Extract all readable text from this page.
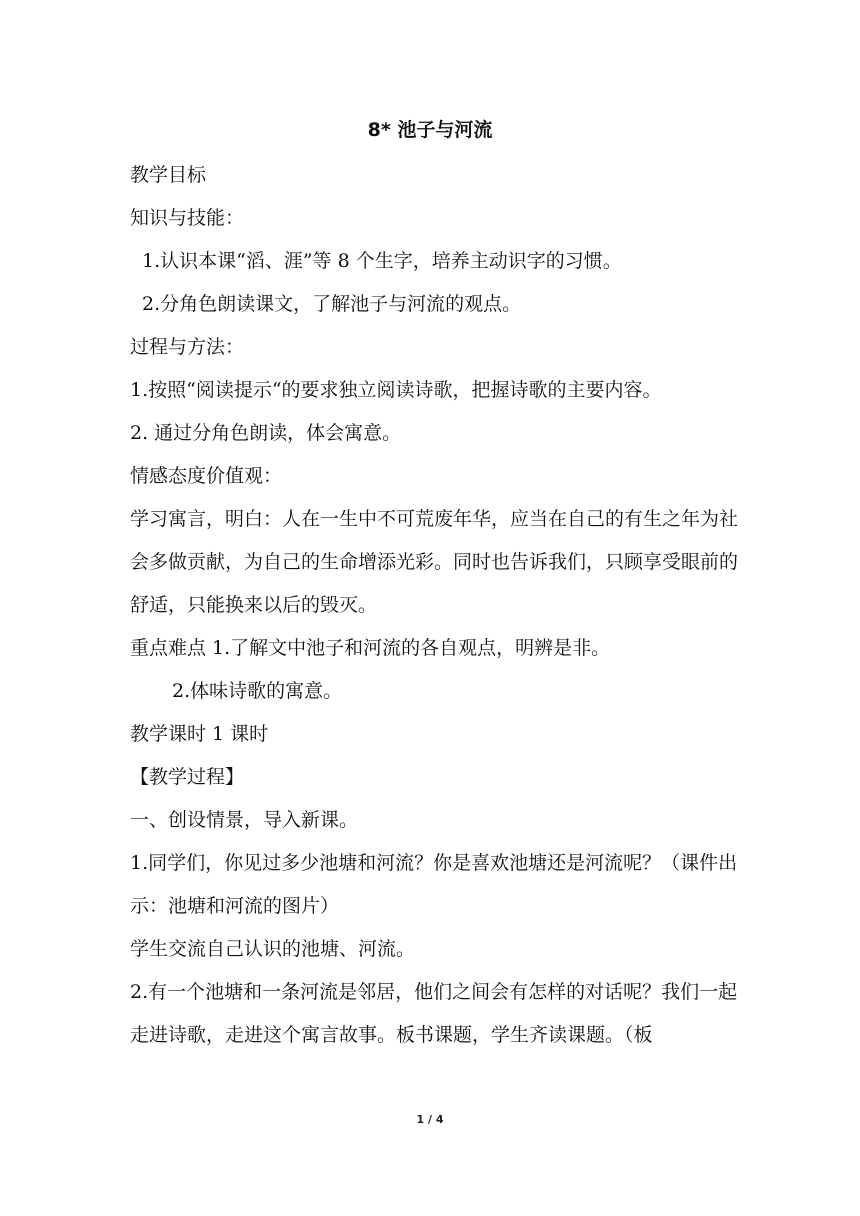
8* 池子与河流

教学目标

知识与技能：

1.认识本课“滔、涯”等 8 个生字，培养主动识字的习惯。

2.分角色朗读课文，了解池子与河流的观点。

过程与方法：

1.按照“阅读提示“的要求独立阅读诗歌，把握诗歌的主要内容。

2. 通过分角色朗读，体会寓意。

情感态度价值观：

学习寓言，明白：人在一生中不可荒废年华，应当在自己的有生之年为社会多做贡献，为自己的生命增添光彩。同时也告诉我们，只顾享受眼前的舒适，只能换来以后的毁灭。

重点难点 1.了解文中池子和河流的各自观点，明辨是非。

2.体味诗歌的寓意。

教学课时 1 课时

【教学过程】

一、创设情景，导入新课。

1.同学们，你见过多少池塘和河流？你是喜欢池塘还是河流呢？（课件出示：池塘和河流的图片）

学生交流自己认识的池塘、河流。

2.有一个池塘和一条河流是邻居，他们之间会有怎样的对话呢？我们一起走进诗歌，走进这个寓言故事。板书课题，学生齐读课题。（板

1 / 4
